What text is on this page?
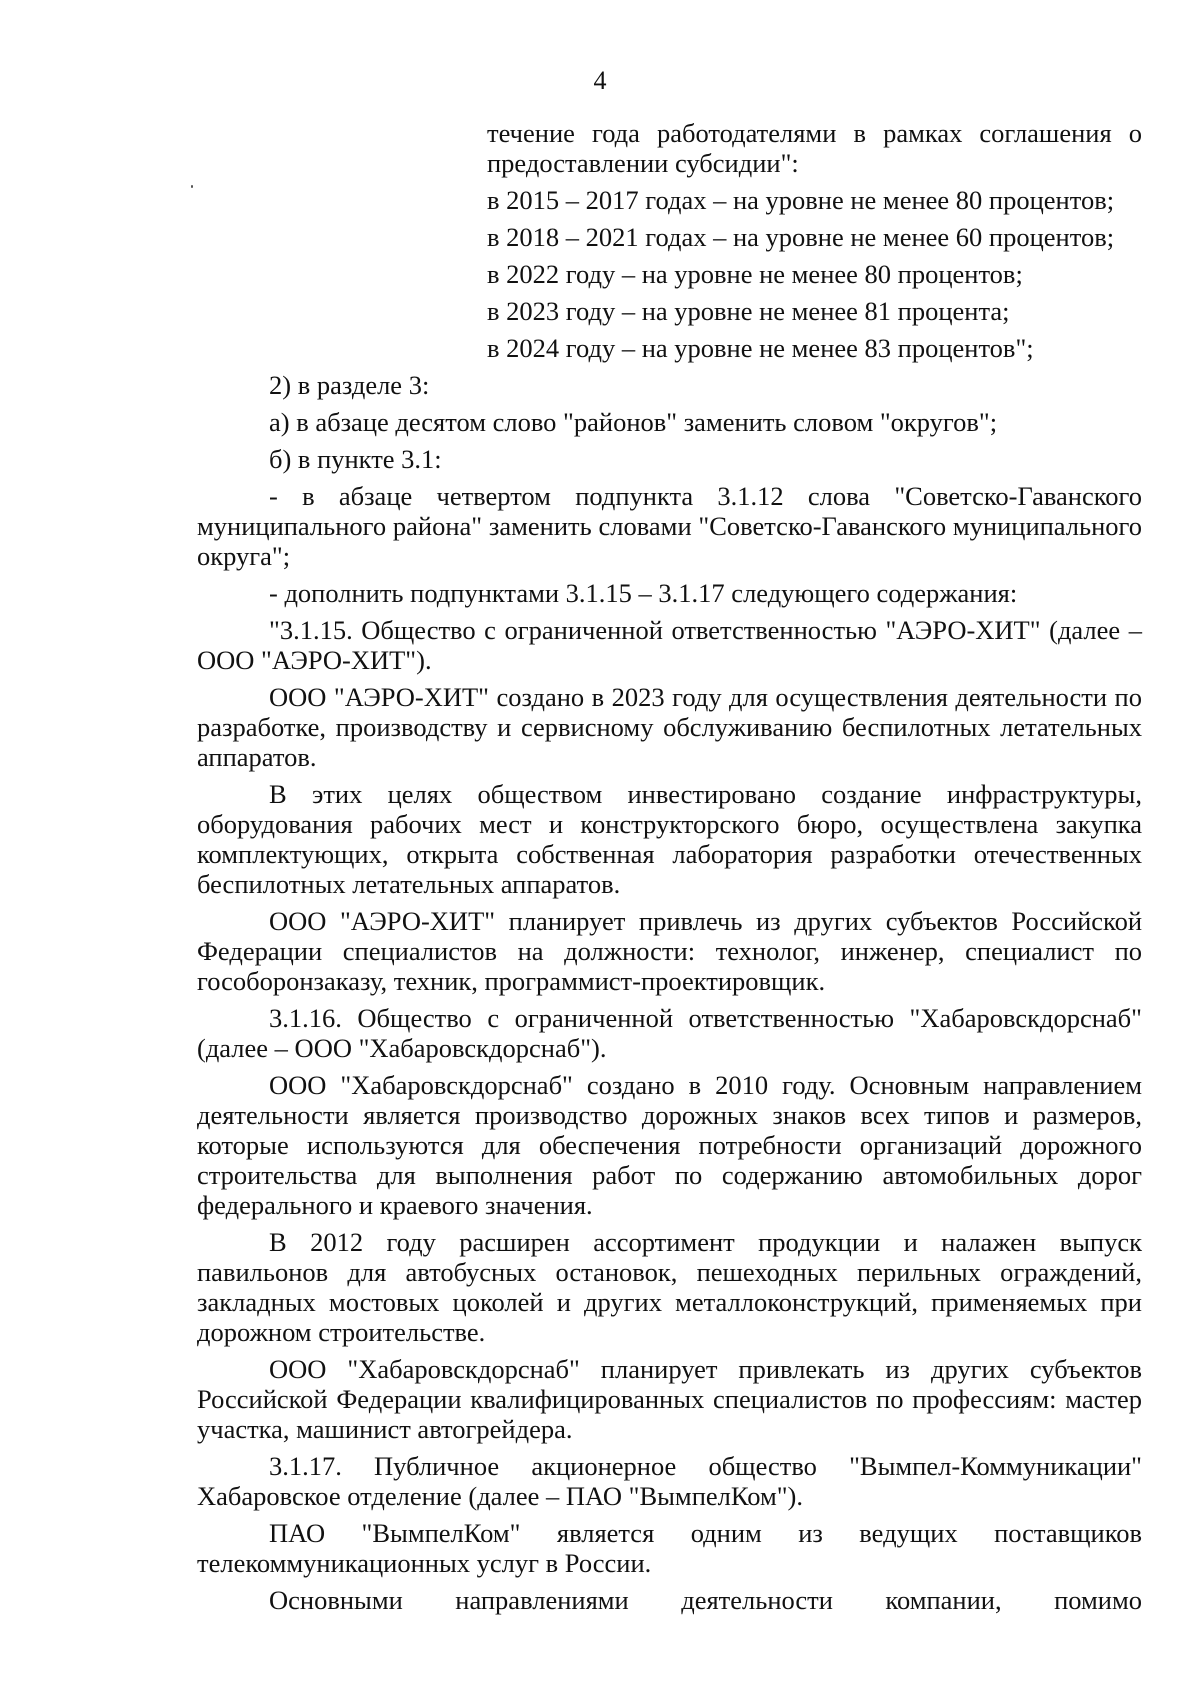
4

течение года работодателями в рамках соглашения о предоставлении субсидии":

в 2015 – 2017 годах – на уровне не менее 80 процентов;

в 2018 – 2021 годах – на уровне не менее 60 процентов;

в 2022 году – на уровне не менее 80 процентов;

в 2023 году – на уровне не менее 81 процента;

в 2024 году – на уровне не менее 83 процентов";

2) в разделе 3:

а) в абзаце десятом слово "районов" заменить словом "округов";

б) в пункте 3.1:

- в абзаце четвертом подпункта 3.1.12 слова "Советско-Гаванского муниципального района" заменить словами "Советско-Гаванского муниципального округа";

- дополнить подпунктами 3.1.15 – 3.1.17 следующего содержания:

"3.1.15. Общество с ограниченной ответственностью "АЭРО-ХИТ" (далее – ООО "АЭРО-ХИТ").

ООО "АЭРО-ХИТ" создано в 2023 году для осуществления деятельности по разработке, производству и сервисному обслуживанию беспилотных летательных аппаратов.

В этих целях обществом инвестировано создание инфраструктуры, оборудования рабочих мест и конструкторского бюро, осуществлена закупка комплектующих, открыта собственная лаборатория разработки отечественных беспилотных летательных аппаратов.

ООО "АЭРО-ХИТ" планирует привлечь из других субъектов Российской Федерации специалистов на должности: технолог, инженер, специалист по гособоронзаказу, техник, программист-проектировщик.

3.1.16. Общество с ограниченной ответственностью "Хабаровскдорснаб" (далее – ООО "Хабаровскдорснаб").

ООО "Хабаровскдорснаб" создано в 2010 году. Основным направлением деятельности является производство дорожных знаков всех типов и размеров, которые используются для обеспечения потребности организаций дорожного строительства для выполнения работ по содержанию автомобильных дорог федерального и краевого значения.

В 2012 году расширен ассортимент продукции и налажен выпуск павильонов для автобусных остановок, пешеходных перильных ограждений, закладных мостовых цоколей и других металлоконструкций, применяемых при дорожном строительстве.

ООО "Хабаровскдорснаб" планирует привлекать из других субъектов Российской Федерации квалифицированных специалистов по профессиям: мастер участка, машинист автогрейдера.

3.1.17. Публичное акционерное общество "Вымпел-Коммуникации" Хабаровское отделение (далее – ПАО "ВымпелКом").

ПАО "ВымпелКом" является одним из ведущих поставщиков телекоммуникационных услуг в России.

Основными направлениями деятельности компании, помимо
